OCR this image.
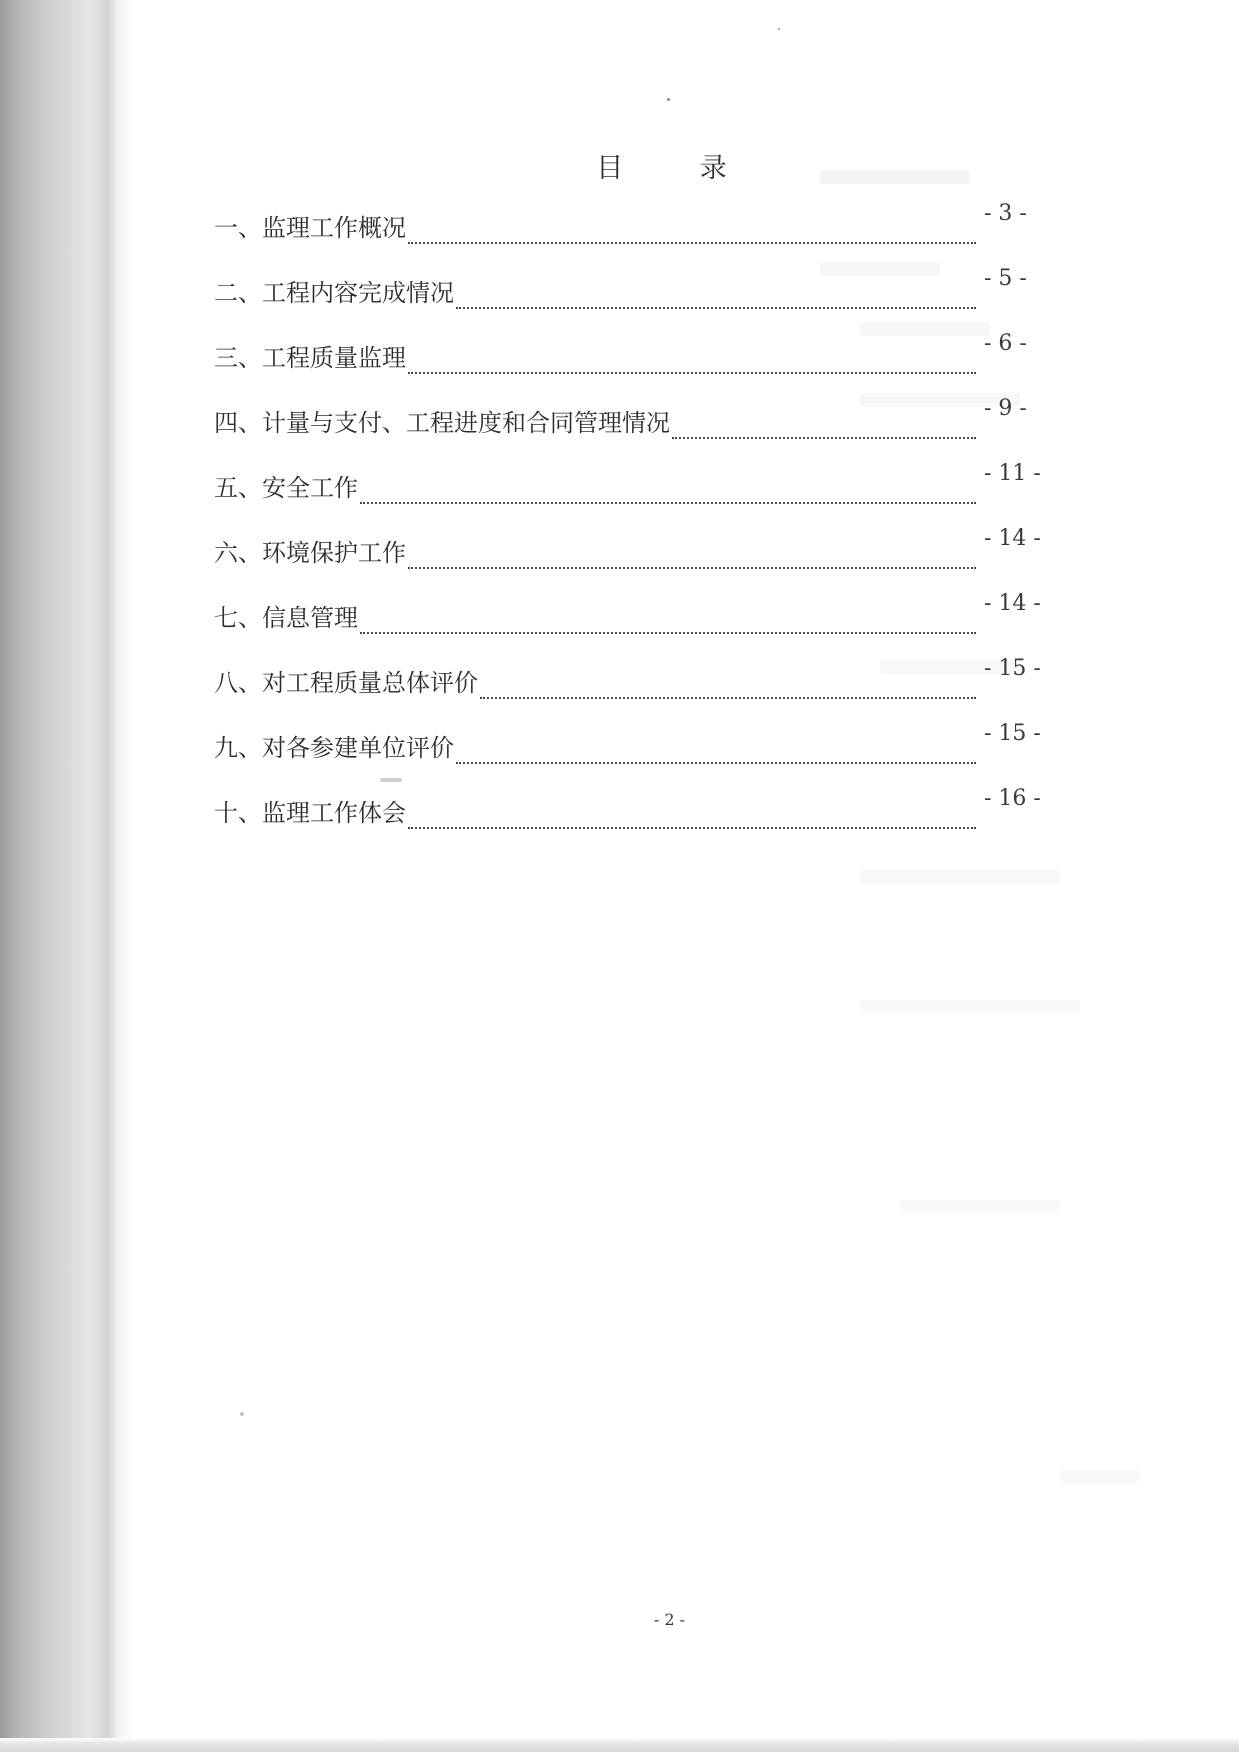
目 录
一、监理工作概况
- 3 -
二、工程内容完成情况
- 5 -
三、工程质量监理
- 6 -
四、计量与支付、工程进度和合同管理情况
- 9 -
五、安全工作
- 11 -
六、环境保护工作
- 14 -
七、信息管理
- 14 -
八、对工程质量总体评价
- 15 -
九、对各参建单位评价
- 15 -
十、监理工作体会
- 16 -
- 2 -
